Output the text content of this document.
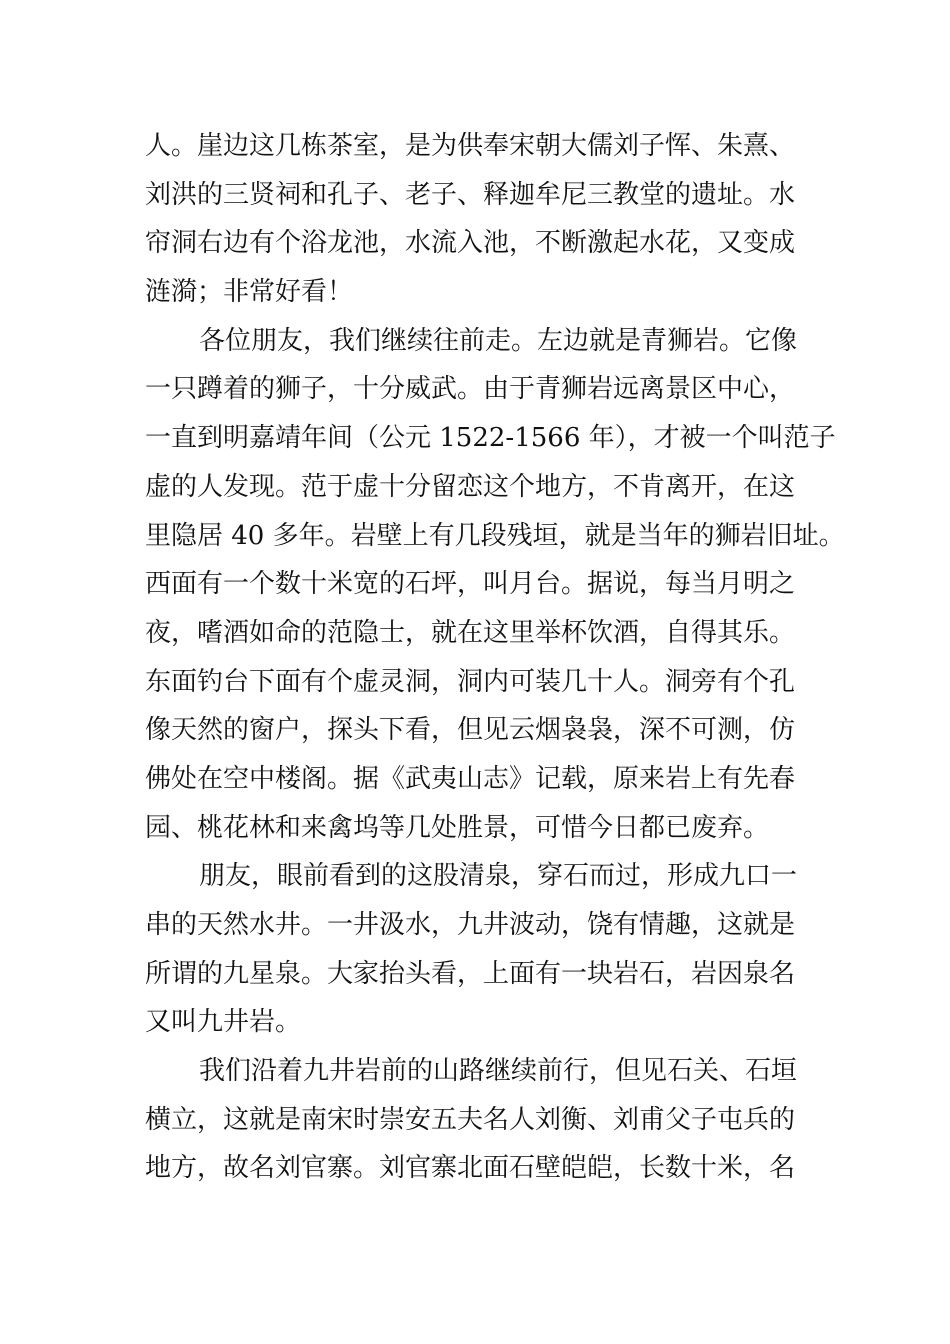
人。崖边这几栋茶室，是为供奉宋朝大儒刘子恽、朱熹、
刘洪的三贤祠和孔子、老子、释迦牟尼三教堂的遗址。水
帘洞右边有个浴龙池，水流入池，不断激起水花，又变成
涟漪；非常好看！
各位朋友，我们继续往前走。左边就是青狮岩。它像
一只蹲着的狮子，十分威武。由于青狮岩远离景区中心，
一直到明嘉靖年间（公元 1522-1566 年），才被一个叫范子
虚的人发现。范于虚十分留恋这个地方，不肯离开，在这
里隐居 40 多年。岩壁上有几段残垣，就是当年的狮岩旧址。
西面有一个数十米宽的石坪，叫月台。据说，每当月明之
夜，嗜酒如命的范隐士，就在这里举杯饮酒，自得其乐。
东面钓台下面有个虚灵洞，洞内可装几十人。洞旁有个孔
像天然的窗户，探头下看，但见云烟袅袅，深不可测，仿
佛处在空中楼阁。据《武夷山志》记载，原来岩上有先春
园、桃花林和来禽坞等几处胜景，可惜今日都已废弃。
朋友，眼前看到的这股清泉，穿石而过，形成九口一
串的天然水井。一井汲水，九井波动，饶有情趣，这就是
所谓的九星泉。大家抬头看，上面有一块岩石，岩因泉名
又叫九井岩。
我们沿着九井岩前的山路继续前行，但见石关、石垣
横立，这就是南宋时崇安五夫名人刘衡、刘甫父子屯兵的
地方，故名刘官寨。刘官寨北面石壁皑皑，长数十米，名
